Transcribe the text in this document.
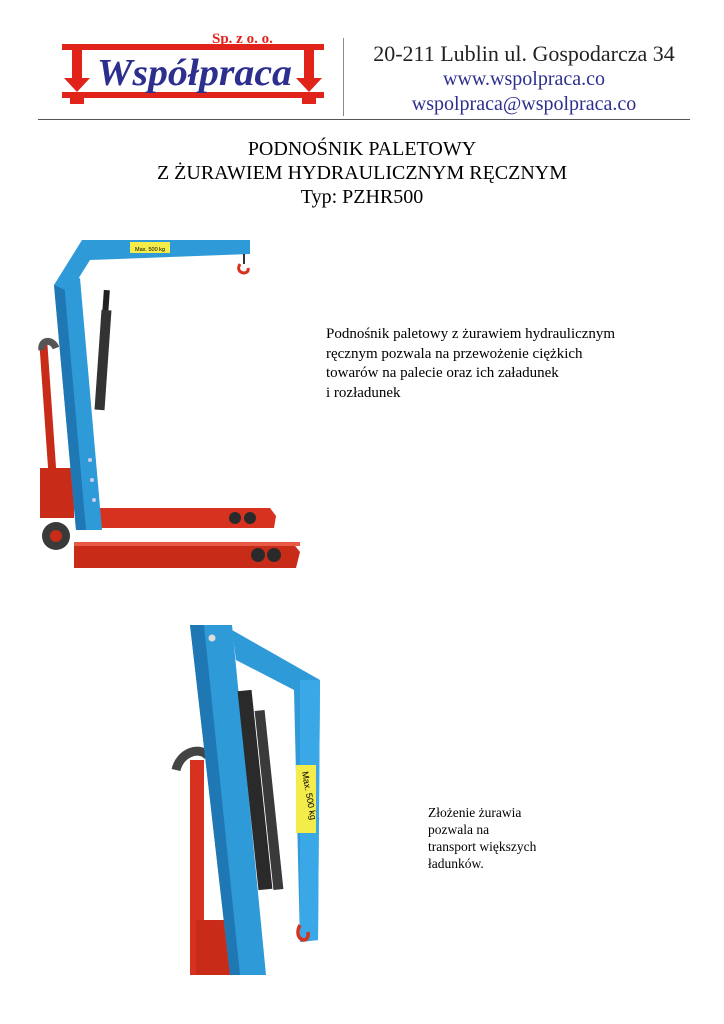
Sp. z o. o.
Współpraca	20-211 Lublin ul. Gospodarcza 34
www.wspolpraca.co
wspolpraca@wspolpraca.co
PODNOŚNIK PALETOWY
Z ŻURAWIEM HYDRAULICZNYM RĘCZNYM
Typ: PZHR500
Max. 500 kg
Podnośnik paletowy z żurawiem hydraulicznym
ręcznym pozwala na przewożenie ciężkich
towarów na palecie oraz ich załadunek
i rozładunek
Max. 500 kg	Złożenie żurawia
pozwala na
transport większych
ładunków.
